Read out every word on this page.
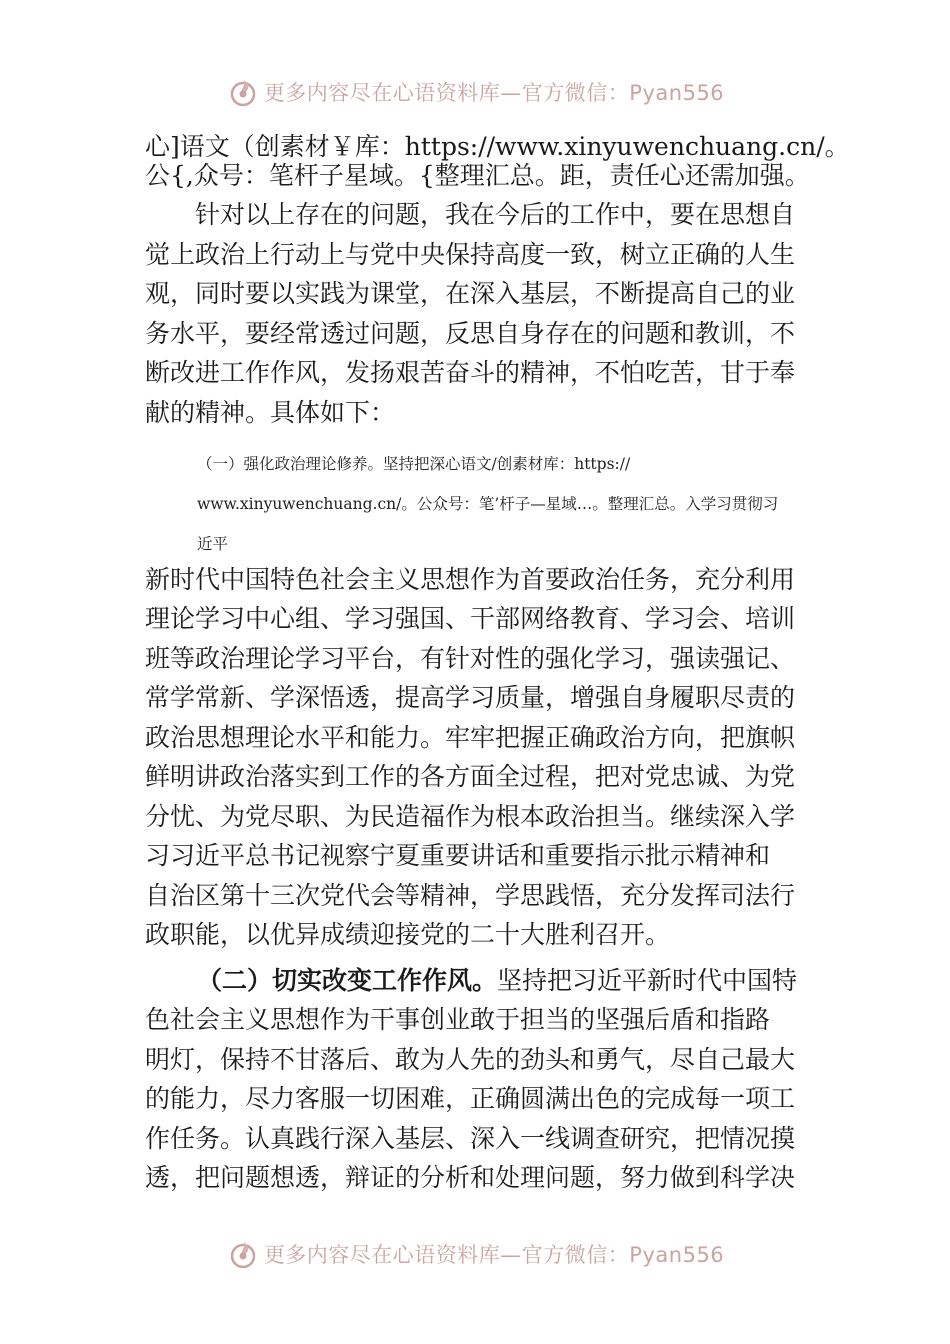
更多内容尽在心语资料库—官方微信：Pyan556
心]语文（创素材￥库：https://www.xinyuwenchuang.cn/。
公{,众号：笔杆子星域。{整理汇总。距，责任心还需加强。
　　针对以上存在的问题，我在今后的工作中，要在思想自
觉上政治上行动上与党中央保持高度一致，树立正确的人生
观，同时要以实践为课堂，在深入基层，不断提高自己的业
务水平，要经常透过问题，反思自身存在的问题和教训，不
断改进工作作风，发扬艰苦奋斗的精神，不怕吃苦，甘于奉
献的精神。具体如下：
（一）强化政治理论修养。坚持把深心语文/创素材库：https://
www.xinyuwenchuang.cn/。公众号：笔’杆子—星域…。整理汇总。入学习贯彻习
近平
新时代中国特色社会主义思想作为首要政治任务，充分利用
理论学习中心组、学习强国、干部网络教育、学习会、培训
班等政治理论学习平台，有针对性的强化学习，强读强记、
常学常新、学深悟透，提高学习质量，增强自身履职尽责的
政治思想理论水平和能力。牢牢把握正确政治方向，把旗帜
鲜明讲政治落实到工作的各方面全过程，把对党忠诚、为党
分忧、为党尽职、为民造福作为根本政治担当。继续深入学
习习近平总书记视察宁夏重要讲话和重要指示批示精神和
自治区第十三次党代会等精神，学思践悟，充分发挥司法行
政职能，以优异成绩迎接党的二十大胜利召开。
（二）切实改变工作作风。坚持把习近平新时代中国特
色社会主义思想作为干事创业敢于担当的坚强后盾和指路
明灯，保持不甘落后、敢为人先的劲头和勇气，尽自己最大
的能力，尽力客服一切困难，正确圆满出色的完成每一项工
作任务。认真践行深入基层、深入一线调查研究，把情况摸
透，把问题想透，辩证的分析和处理问题，努力做到科学决
更多内容尽在心语资料库—官方微信：Pyan556
